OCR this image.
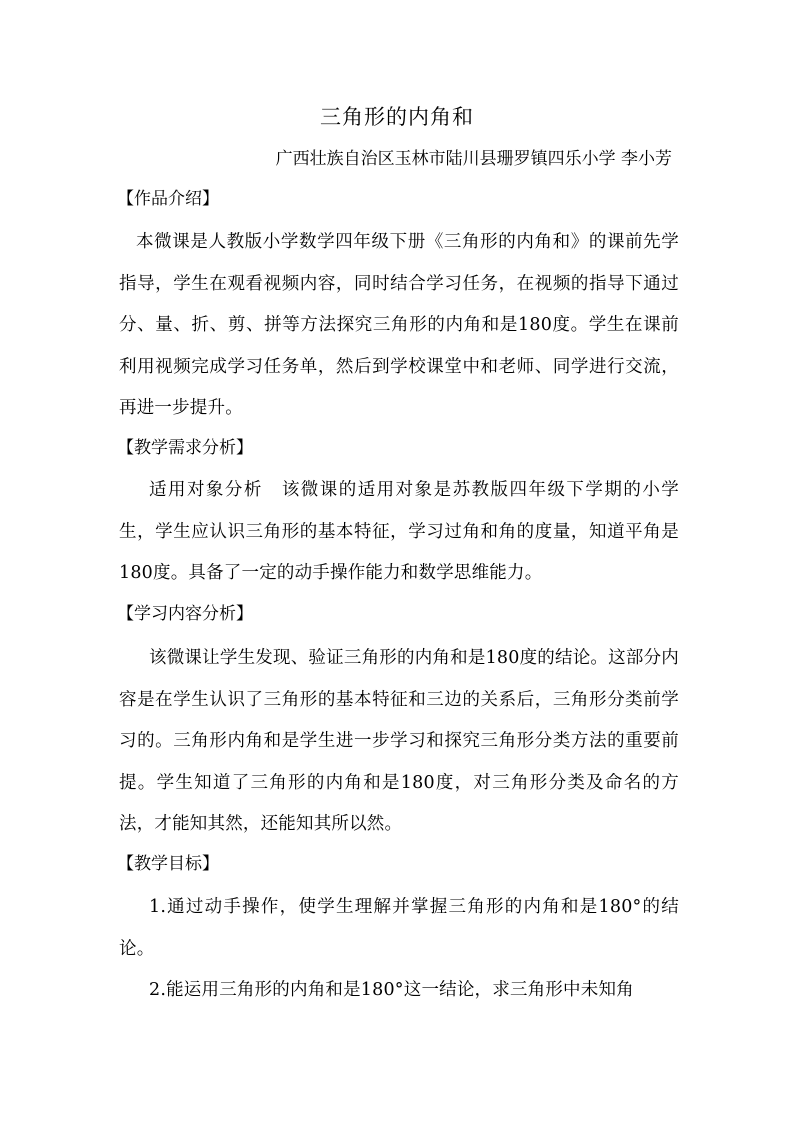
三角形的内角和
广西壮族自治区玉林市陆川县珊罗镇四乐小学 李小芳
【作品介绍】
本微课是人教版小学数学四年级下册《三角形的内角和》的课前先学指导，学生在观看视频内容，同时结合学习任务，在视频的指导下通过分、量、折、剪、拼等方法探究三角形的内角和是180度。学生在课前利用视频完成学习任务单，然后到学校课堂中和老师、同学进行交流，再进一步提升。
【教学需求分析】
适用对象分析　该微课的适用对象是苏教版四年级下学期的小学生，学生应认识三角形的基本特征，学习过角和角的度量，知道平角是180度。具备了一定的动手操作能力和数学思维能力。
【学习内容分析】
该微课让学生发现、验证三角形的内角和是180度的结论。这部分内容是在学生认识了三角形的基本特征和三边的关系后，三角形分类前学习的。三角形内角和是学生进一步学习和探究三角形分类方法的重要前提。学生知道了三角形的内角和是180度，对三角形分类及命名的方法，才能知其然，还能知其所以然。
【教学目标】
1.通过动手操作，使学生理解并掌握三角形的内角和是180°的结论。
2.能运用三角形的内角和是180°这一结论，求三角形中未知角
